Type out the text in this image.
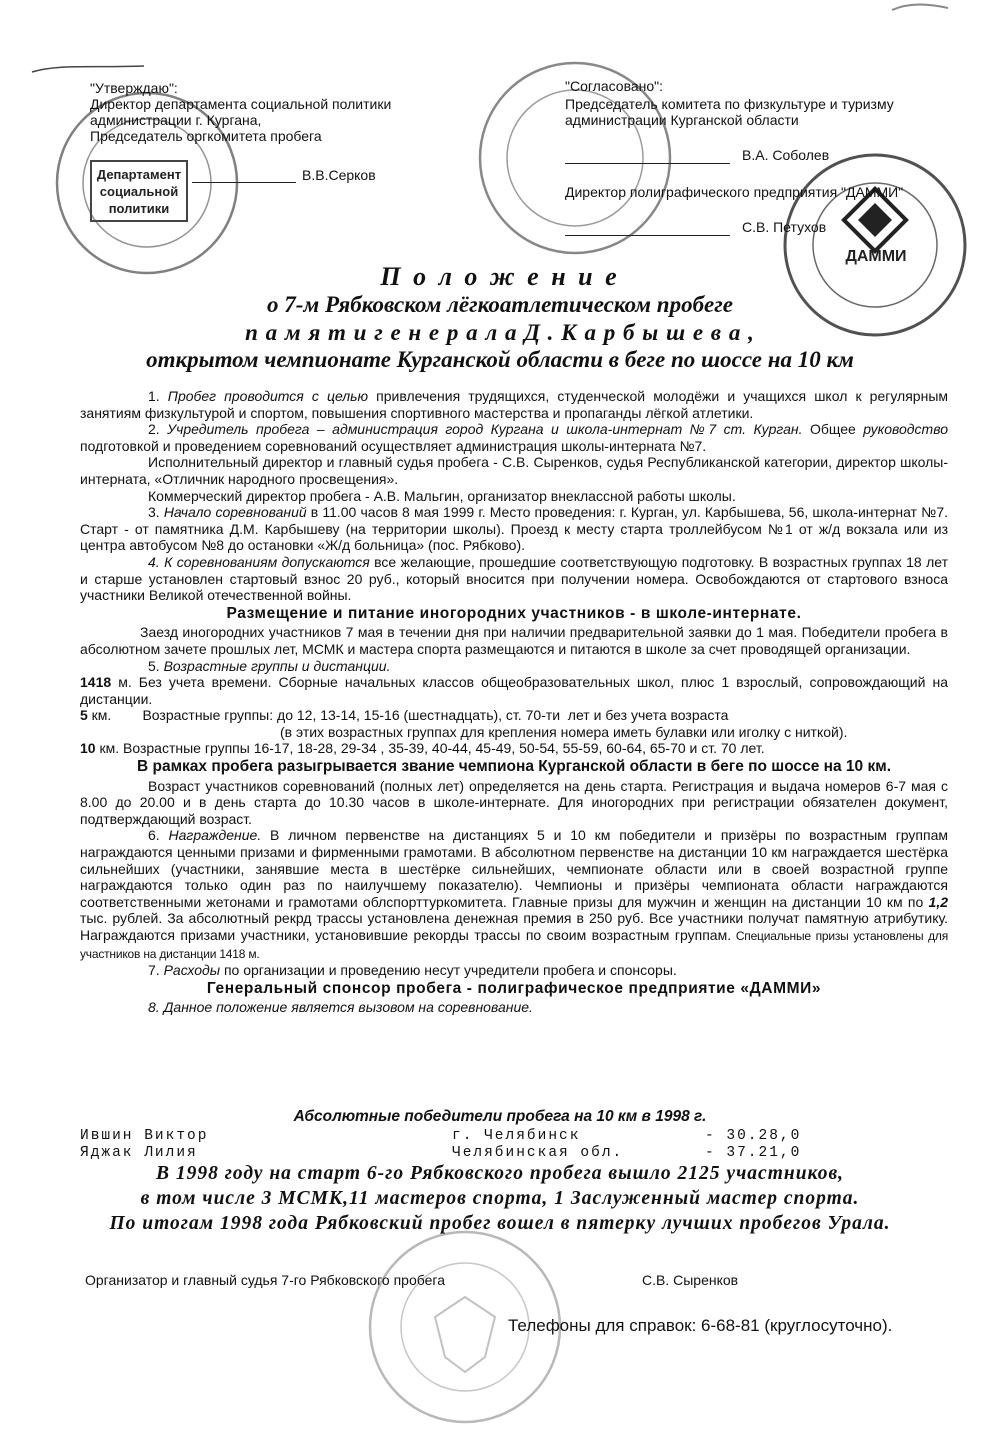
Департамент
социальной
политики
ДАММИ
"Утверждаю":
Директор департамента социальной политики
администрации г. Кургана,
Председатель оргкомитета пробега
В.В.Серков
"Согласовано":
Председатель комитета по физкультуре и туризму
администрации Курганской области
В.А. Соболев
Директор полиграфического предприятия "ДАММИ"
С.В. Петухов
П о л о ж е н и е
о 7-м Рябковском лёгкоатлетическом пробеге
п а м я т и г е н е р а л а Д . К а р б ы ш е в а ,
открытом чемпионате Курганской области в беге по шоссе на 10 км

1. Пробег проводится с целью привлечения трудящихся, студенческой молодёжи и учащихся школ к регулярным занятиям физкультурой и спортом, повышения спортивного мастерства и пропаганды лёгкой атлетики.

2. Учредитель пробега – администрация город Кургана и школа-интернат №7 ст. Курган. Общее руководство подготовкой и проведением соревнований осуществляет администрация школы-интерната №7.

Исполнительный директор и главный судья пробега - С.В. Сыренков, судья Республиканской категории, директор школы-интерната, «Отличник народного просвещения».

Коммерческий директор пробега - А.В. Мальгин, организатор внеклассной работы школы.

3. Начало соревнований в 11.00 часов 8 мая 1999 г. Место проведения: г. Курган, ул. Карбышева, 56, школа-интернат №7. Старт - от памятника Д.М. Карбышеву (на территории школы). Проезд к месту старта троллейбусом №1 от ж/д вокзала или из центра автобусом №8 до остановки «Ж/д больница» (пос. Рябково).

4. К соревнованиям допускаются все желающие, прошедшие соответствующую подготовку. В возрастных группах 18 лет и старше установлен стартовый взнос 20 руб., который вносится при получении номера. Освобождаются от стартового взноса участники Великой отечественной войны.

Размещение и питание иногородних участников - в школе-интернате.

Заезд иногородних участников 7 мая в течении дня при наличии предварительной заявки до 1 мая. Победители пробега в абсолютном зачете прошлых лет, МСМК и мастера спорта размещаются и питаются в школе за счет проводящей организации.

5. Возрастные группы и дистанции.

1418 м. Без учета времени. Сборные начальных классов общеобразовательных школ, плюс 1 взрослый, сопровождающий на дистанции.

5 км.        Возрастные группы: до 12, 13-14, 15-16 (шестнадцать), ст. 70-ти  лет и без учета возраста

(в этих возрастных группах для крепления номера иметь булавки или иголку с ниткой).

10 км. Возрастные группы 16-17, 18-28, 29-34 , 35-39, 40-44, 45-49, 50-54, 55-59, 60-64, 65-70 и ст. 70 лет.

В рамках пробега разыгрывается звание чемпиона Курганской области в беге по шоссе на 10 км.

Возраст участников соревнований (полных лет) определяется на день старта. Регистрация и выдача номеров 6-7 мая с 8.00 до 20.00 и в день старта до 10.30 часов в школе-интернате. Для иногородних при регистрации обязателен документ, подтверждающий возраст.

6. Награждение. В личном первенстве на дистанциях 5 и 10 км победители и призёры по возрастным группам награждаются ценными призами и фирменными грамотами. В абсолютном первенстве на дистанции 10 км награждается шестёрка сильнейших (участники, занявшие места в шестёрке сильнейших, чемпионате области или в своей возрастной группе награждаются только один раз по наилучшему показателю). Чемпионы и призёры чемпионата области награждаются соответственными жетонами и грамотами облспорттуркомитета. Главные призы для мужчин и женщин на дистанции 10 км по 1,2 тыс. рублей. За абсолютный рекрд трассы установлена денежная премия в 250 руб. Все участники получат памятную атрибутику. Награждаются призами участники, установившие рекорды трассы по своим возрастным группам. Специальные призы установлены для участников на дистанции 1418 м.

7. Расходы по организации и проведению несут учредители пробега и спонсоры.

Генеральный спонсор пробега - полиграфическое предприятие «ДАММИ»

8. Данное положение является вызовом на соревнование.

Абсолютные победители пробега на 10 км в 1998 г.
Ившин Виктор	г. Челябинск	- 30.28,0
Яджак Лилия	Челябинская обл.	- 37.21,0
В 1998 году на старт 6-го Рябковского пробега вышло 2125 участников,
в том числе 3 МСМК,11 мастеров спорта, 1 Заслуженный мастер спорта.
По итогам 1998 года Рябковский пробег вошел в пятерку лучших пробегов Урала.
Организатор и главный судья 7-го Рябковского пробега	С.В. Сыренков
Телефоны для справок: 6-68-81 (круглосуточно).
